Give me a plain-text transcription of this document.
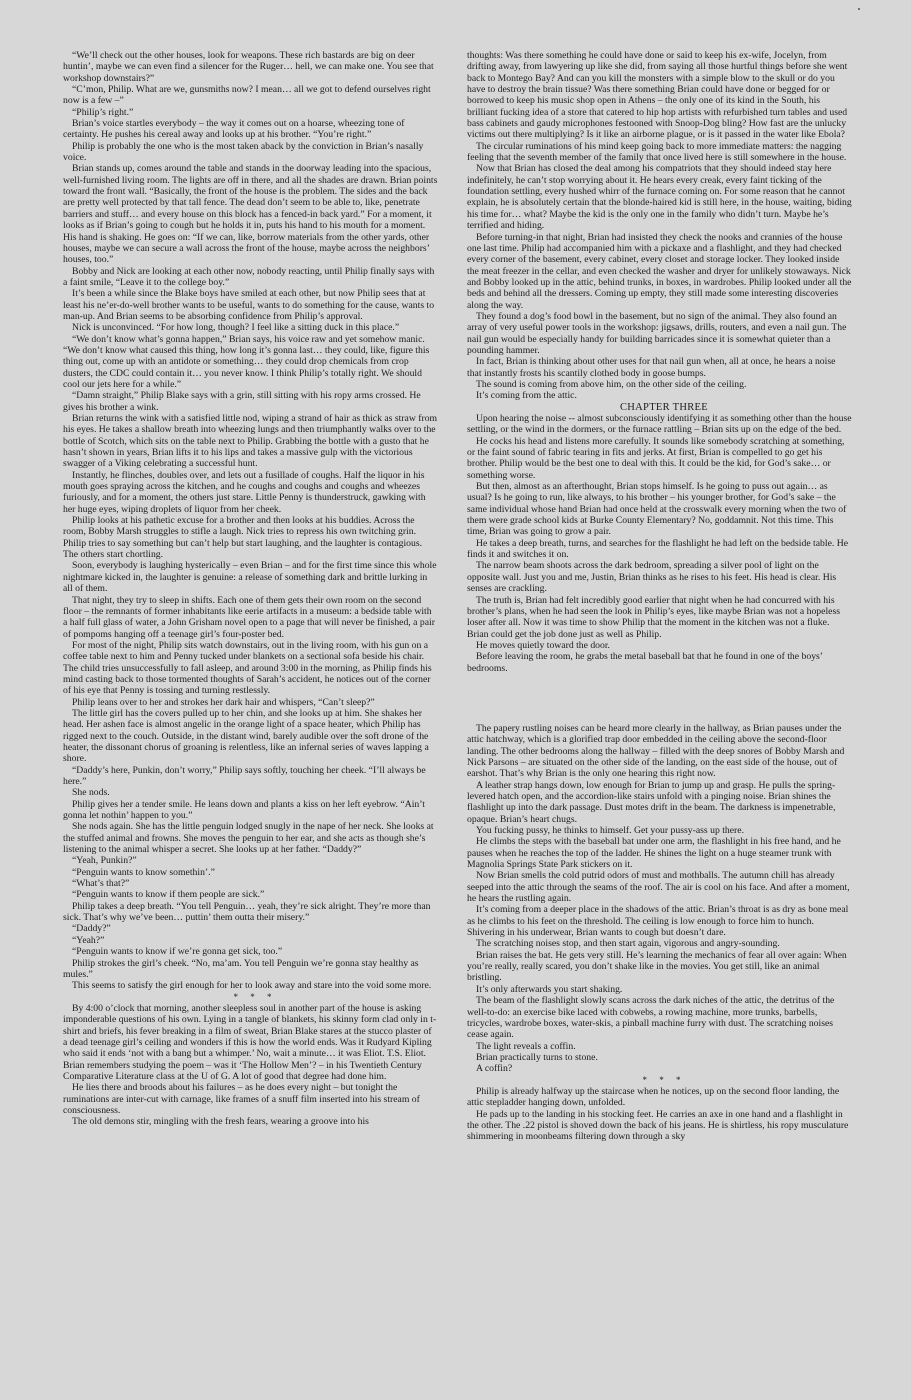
“We’ll check out the other houses, look for weapons. These rich bastards are big on deer huntin’, maybe we can even find a silencer for the Ruger… hell, we can make one. You see that workshop downstairs?”

“C’mon, Philip. What are we, gunsmiths now? I mean… all we got to defend ourselves right now is a few –”

“Philip’s right.”

Brian’s voice startles everybody – the way it comes out on a hoarse, wheezing tone of certainty. He pushes his cereal away and looks up at his brother. “You’re right.”

Philip is probably the one who is the most taken aback by the conviction in Brian’s nasally voice.

Brian stands up, comes around the table and stands in the doorway leading into the spacious, well-furnished living room. The lights are off in there, and all the shades are drawn. Brian points toward the front wall. “Basically, the front of the house is the problem. The sides and the back are pretty well protected by that tall fence. The dead don’t seem to be able to, like, penetrate barriers and stuff… and every house on this block has a fenced-in back yard.” For a moment, it looks as if Brian’s going to cough but he holds it in, puts his hand to his mouth for a moment. His hand is shaking. He goes on: “If we can, like, borrow materials from the other yards, other houses, maybe we can secure a wall across the front of the house, maybe across the neighbors’ houses, too.”

Bobby and Nick are looking at each other now, nobody reacting, until Philip finally says with a faint smile, “Leave it to the college boy.”

It’s been a while since the Blake boys have smiled at each other, but now Philip sees that at least his ne’er-do-well brother wants to be useful, wants to do something for the cause, wants to man-up. And Brian seems to be absorbing confidence from Philip’s approval.

Nick is unconvinced. “For how long, though? I feel like a sitting duck in this place.”

“We don’t know what’s gonna happen,” Brian says, his voice raw and yet somehow manic. “We don’t know what caused this thing, how long it’s gonna last… they could, like, figure this thing out, come up with an antidote or something… they could drop chemicals from crop dusters, the CDC could contain it… you never know. I think Philip’s totally right. We should cool our jets here for a while.”

“Damn straight,” Philip Blake says with a grin, still sitting with his ropy arms crossed. He gives his brother a wink.

Brian returns the wink with a satisfied little nod, wiping a strand of hair as thick as straw from his eyes. He takes a shallow breath into wheezing lungs and then triumphantly walks over to the bottle of Scotch, which sits on the table next to Philip. Grabbing the bottle with a gusto that he hasn’t shown in years, Brian lifts it to his lips and takes a massive gulp with the victorious swagger of a Viking celebrating a successful hunt.

Instantly, he flinches, doubles over, and lets out a fusillade of coughs. Half the liquor in his mouth goes spraying across the kitchen, and he coughs and coughs and coughs and wheezes furiously, and for a moment, the others just stare. Little Penny is thunderstruck, gawking with her huge eyes, wiping droplets of liquor from her cheek.

Philip looks at his pathetic excuse for a brother and then looks at his buddies. Across the room, Bobby Marsh struggles to stifle a laugh. Nick tries to repress his own twitching grin. Philip tries to say something but can’t help but start laughing, and the laughter is contagious. The others start chortling.

Soon, everybody is laughing hysterically – even Brian – and for the first time since this whole nightmare kicked in, the laughter is genuine: a release of something dark and brittle lurking in all of them.

That night, they try to sleep in shifts. Each one of them gets their own room on the second floor – the remnants of former inhabitants like eerie artifacts in a museum: a bedside table with a half full glass of water, a John Grisham novel open to a page that will never be finished, a pair of pompoms hanging off a teenage girl’s four-poster bed.

For most of the night, Philip sits watch downstairs, out in the living room, with his gun on a coffee table next to him and Penny tucked under blankets on a sectional sofa beside his chair. The child tries unsuccessfully to fall asleep, and around 3:00 in the morning, as Philip finds his mind casting back to those tormented thoughts of Sarah’s accident, he notices out of the corner of his eye that Penny is tossing and turning restlessly.

Philip leans over to her and strokes her dark hair and whispers, “Can’t sleep?”

The little girl has the covers pulled up to her chin, and she looks up at him. She shakes her head. Her ashen face is almost angelic in the orange light of a space heater, which Philip has rigged next to the couch. Outside, in the distant wind, barely audible over the soft drone of the heater, the dissonant chorus of groaning is relentless, like an infernal series of waves lapping a shore.

“Daddy’s here, Punkin, don’t worry,” Philip says softly, touching her cheek. “I’ll always be here.”

She nods.

Philip gives her a tender smile. He leans down and plants a kiss on her left eyebrow. “Ain’t gonna let nothin’ happen to you.”

She nods again. She has the little penguin lodged snugly in the nape of her neck. She looks at the stuffed animal and frowns. She moves the penguin to her ear, and she acts as though she’s listening to the animal whisper a secret. She looks up at her father. “Daddy?”

“Yeah, Punkin?”

“Penguin wants to know somethin’.”

“What’s that?”

“Penguin wants to know if them people are sick.”

Philip takes a deep breath. “You tell Penguin… yeah, they’re sick alright. They’re more than sick. That’s why we’ve been… puttin’ them outta their misery.”

“Daddy?”

“Yeah?”

“Penguin wants to know if we’re gonna get sick, too.”

Philip strokes the girl’s cheek. “No, ma’am. You tell Penguin we’re gonna stay healthy as mules.”

This seems to satisfy the girl enough for her to look away and stare into the void some more.

* * *

By 4:00 o’clock that morning, another sleepless soul in another part of the house is asking imponderable questions of his own. Lying in a tangle of blankets, his skinny form clad only in t-shirt and briefs, his fever breaking in a film of sweat, Brian Blake stares at the stucco plaster of a dead teenage girl’s ceiling and wonders if this is how the world ends. Was it Rudyard Kipling who said it ends ‘not with a bang but a whimper.’ No, wait a minute… it was Eliot. T.S. Eliot. Brian remembers studying the poem – was it ‘The Hollow Men’? – in his Twentieth Century Comparative Literature class at the U of G. A lot of good that degree had done him.

He lies there and broods about his failures – as he does every night – but tonight the ruminations are inter-cut with carnage, like frames of a snuff film inserted into his stream of consciousness.

The old demons stir, mingling with the fresh fears, wearing a groove into his

thoughts: Was there something he could have done or said to keep his ex-wife, Jocelyn, from drifting away, from lawyering up like she did, from saying all those hurtful things before she went back to Montego Bay? And can you kill the monsters with a simple blow to the skull or do you have to destroy the brain tissue? Was there something Brian could have done or begged for or borrowed to keep his music shop open in Athens – the only one of its kind in the South, his brilliant fucking idea of a store that catered to hip hop artists with refurbished turn tables and used bass cabinets and gaudy microphones festooned with Snoop-Dog bling? How fast are the unlucky victims out there multiplying? Is it like an airborne plague, or is it passed in the water like Ebola?

The circular ruminations of his mind keep going back to more immediate matters: the nagging feeling that the seventh member of the family that once lived here is still somewhere in the house.

Now that Brian has closed the deal among his compatriots that they should indeed stay here indefinitely, he can’t stop worrying about it. He hears every creak, every faint ticking of the foundation settling, every hushed whirr of the furnace coming on. For some reason that he cannot explain, he is absolutely certain that the blonde-haired kid is still here, in the house, waiting, biding his time for… what? Maybe the kid is the only one in the family who didn’t turn. Maybe he’s terrified and hiding.

Before turning-in that night, Brian had insisted they check the nooks and crannies of the house one last time. Philip had accompanied him with a pickaxe and a flashlight, and they had checked every corner of the basement, every cabinet, every closet and storage locker. They looked inside the meat freezer in the cellar, and even checked the washer and dryer for unlikely stowaways. Nick and Bobby looked up in the attic, behind trunks, in boxes, in wardrobes. Philip looked under all the beds and behind all the dressers. Coming up empty, they still made some interesting discoveries along the way.

They found a dog’s food bowl in the basement, but no sign of the animal. They also found an array of very useful power tools in the workshop: jigsaws, drills, routers, and even a nail gun. The nail gun would be especially handy for building barricades since it is somewhat quieter than a pounding hammer.

In fact, Brian is thinking about other uses for that nail gun when, all at once, he hears a noise that instantly frosts his scantily clothed body in goose bumps.

The sound is coming from above him, on the other side of the ceiling.

It’s coming from the attic.

CHAPTER THREE

Upon hearing the noise -- almost subconsciously identifying it as something other than the house settling, or the wind in the dormers, or the furnace rattling – Brian sits up on the edge of the bed.

He cocks his head and listens more carefully. It sounds like somebody scratching at something, or the faint sound of fabric tearing in fits and jerks. At first, Brian is compelled to go get his brother. Philip would be the best one to deal with this. It could be the kid, for God’s sake… or something worse.

But then, almost as an afterthought, Brian stops himself. Is he going to puss out again… as usual? Is he going to run, like always, to his brother – his younger brother, for God’s sake – the same individual whose hand Brian had once held at the crosswalk every morning when the two of them were grade school kids at Burke County Elementary? No, goddamnit. Not this time. This time, Brian was going to grow a pair.

He takes a deep breath, turns, and searches for the flashlight he had left on the bedside table. He finds it and switches it on.

The narrow beam shoots across the dark bedroom, spreading a silver pool of light on the opposite wall. Just you and me, Justin, Brian thinks as he rises to his feet. His head is clear. His senses are crackling.

The truth is, Brian had felt incredibly good earlier that night when he had concurred with his brother’s plans, when he had seen the look in Philip’s eyes, like maybe Brian was not a hopeless loser after all. Now it was time to show Philip that the moment in the kitchen was not a fluke. Brian could get the job done just as well as Philip.

He moves quietly toward the door.

Before leaving the room, he grabs the metal baseball bat that he found in one of the boys’ bedrooms.

The papery rustling noises can be heard more clearly in the hallway, as Brian pauses under the attic hatchway, which is a glorified trap door embedded in the ceiling above the second-floor landing. The other bedrooms along the hallway – filled with the deep snores of Bobby Marsh and Nick Parsons – are situated on the other side of the landing, on the east side of the house, out of earshot. That’s why Brian is the only one hearing this right now.

A leather strap hangs down, low enough for Brian to jump up and grasp. He pulls the spring-levered hatch open, and the accordion-like stairs unfold with a pinging noise. Brian shines the flashlight up into the dark passage. Dust motes drift in the beam. The darkness is impenetrable, opaque. Brian’s heart chugs.

You fucking pussy, he thinks to himself. Get your pussy-ass up there.

He climbs the steps with the baseball bat under one arm, the flashlight in his free hand, and he pauses when he reaches the top of the ladder. He shines the light on a huge steamer trunk with Magnolia Springs State Park stickers on it.

Now Brian smells the cold putrid odors of must and mothballs. The autumn chill has already seeped into the attic through the seams of the roof. The air is cool on his face. And after a moment, he hears the rustling again.

It’s coming from a deeper place in the shadows of the attic. Brian’s throat is as dry as bone meal as he climbs to his feet on the threshold. The ceiling is low enough to force him to hunch. Shivering in his underwear, Brian wants to cough but doesn’t dare.

The scratching noises stop, and then start again, vigorous and angry-sounding.

Brian raises the bat. He gets very still. He’s learning the mechanics of fear all over again: When you’re really, really scared, you don’t shake like in the movies. You get still, like an animal bristling.

It’s only afterwards you start shaking.

The beam of the flashlight slowly scans across the dark niches of the attic, the detritus of the well-to-do: an exercise bike laced with cobwebs, a rowing machine, more trunks, barbells, tricycles, wardrobe boxes, water-skis, a pinball machine furry with dust. The scratching noises cease again.

The light reveals a coffin.

Brian practically turns to stone.

A coffin?

* * *

Philip is already halfway up the staircase when he notices, up on the second floor landing, the attic stepladder hanging down, unfolded.

He pads up to the landing in his stocking feet. He carries an axe in one hand and a flashlight in the other. The .22 pistol is shoved down the back of his jeans. He is shirtless, his ropy musculature shimmering in moonbeams filtering down through a sky
